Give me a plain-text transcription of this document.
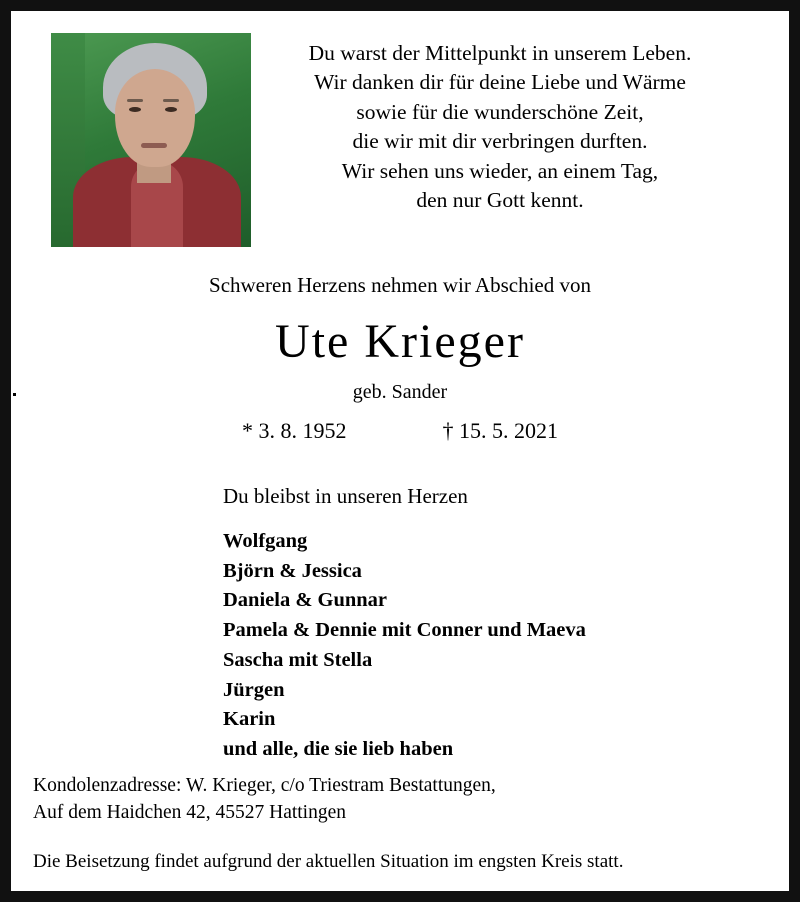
Du warst der Mittelpunkt in unserem Leben.
Wir danken dir für deine Liebe und Wärme
sowie für die wunderschöne Zeit,
die wir mit dir verbringen durften.
Wir sehen uns wieder, an einem Tag,
den nur Gott kennt.
Schweren Herzens nehmen wir Abschied von
Ute Krieger
geb. Sander
* 3. 8. 1952	† 15. 5. 2021
Du bleibst in unseren Herzen
Wolfgang
Björn & Jessica
Daniela & Gunnar
Pamela & Dennie mit Conner und Maeva
Sascha mit Stella
Jürgen
Karin
und alle, die sie lieb haben
Kondolenzadresse: W. Krieger, c/o Triestram Bestattungen,
Auf dem Haidchen 42, 45527 Hattingen
Die Beisetzung findet aufgrund der aktuellen Situation im engsten Kreis statt.
